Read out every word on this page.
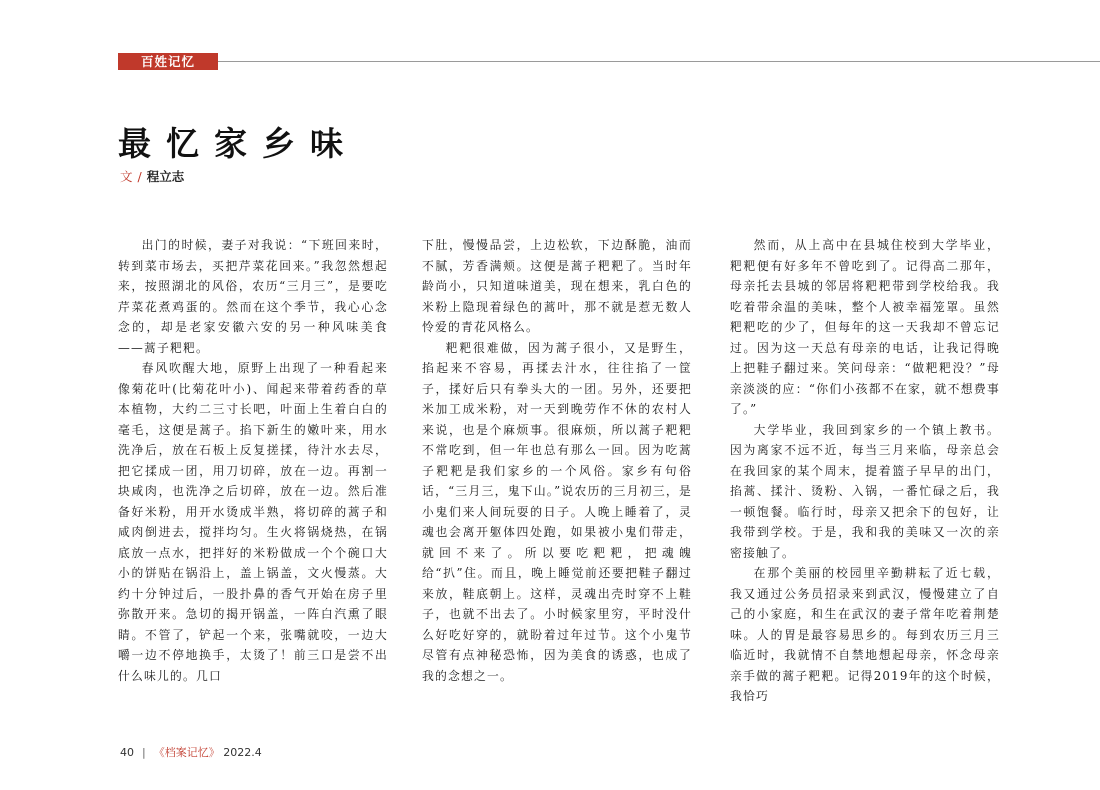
百姓记忆
最忆家乡味
文 / 程立志

出门的时候，妻子对我说：“下班回来时，转到菜市场去，买把芹菜花回来。”我忽然想起来，按照湖北的风俗，农历“三月三”，是要吃芹菜花煮鸡蛋的。然而在这个季节，我心心念念的，却是老家安徽六安的另一种风味美食——蒿子粑粑。

春风吹醒大地，原野上出现了一种看起来像菊花叶(比菊花叶小)、闻起来带着药香的草本植物，大约二三寸长吧，叶面上生着白白的毫毛，这便是蒿子。掐下新生的嫩叶来，用水洗净后，放在石板上反复搓揉，待汁水去尽，把它揉成一团，用刀切碎，放在一边。再割一块咸肉，也洗净之后切碎，放在一边。然后准备好米粉，用开水烫成半熟，将切碎的蒿子和咸肉倒进去，搅拌均匀。生火将锅烧热，在锅底放一点水，把拌好的米粉做成一个个碗口大小的饼贴在锅沿上，盖上锅盖，文火慢蒸。大约十分钟过后，一股扑鼻的香气开始在房子里弥散开来。急切的揭开锅盖，一阵白汽熏了眼睛。不管了，铲起一个来，张嘴就咬，一边大嚼一边不停地换手，太烫了！前三口是尝不出什么味儿的。几口

下肚，慢慢品尝，上边松软，下边酥脆，油而不腻，芳香满颊。这便是蒿子粑粑了。当时年龄尚小，只知道味道美，现在想来，乳白色的米粉上隐现着绿色的蒿叶，那不就是惹无数人怜爱的青花风格么。

粑粑很难做，因为蒿子很小，又是野生，掐起来不容易，再揉去汁水，往往掐了一筐子，揉好后只有拳头大的一团。另外，还要把米加工成米粉，对一天到晚劳作不休的农村人来说，也是个麻烦事。很麻烦，所以蒿子粑粑不常吃到，但一年也总有那么一回。因为吃蒿子粑粑是我们家乡的一个风俗。家乡有句俗话，“三月三，鬼下山。”说农历的三月初三，是小鬼们来人间玩耍的日子。人晚上睡着了，灵魂也会离开躯体四处跑，如果被小鬼们带走，就回不来了。所以要吃粑粑，把魂魄给“扒”住。而且，晚上睡觉前还要把鞋子翻过来放，鞋底朝上。这样，灵魂出壳时穿不上鞋子，也就不出去了。小时候家里穷，平时没什么好吃好穿的，就盼着过年过节。这个小鬼节尽管有点神秘恐怖，因为美食的诱惑，也成了我的念想之一。

然而，从上高中在县城住校到大学毕业，粑粑便有好多年不曾吃到了。记得高二那年，母亲托去县城的邻居将粑粑带到学校给我。我吃着带余温的美味，整个人被幸福笼罩。虽然粑粑吃的少了，但每年的这一天我却不曾忘记过。因为这一天总有母亲的电话，让我记得晚上把鞋子翻过来。笑问母亲：“做粑粑没？”母亲淡淡的应：“你们小孩都不在家，就不想费事了。”

大学毕业，我回到家乡的一个镇上教书。因为离家不远不近，每当三月来临，母亲总会在我回家的某个周末，提着篮子早早的出门，掐蒿、揉汁、烫粉、入锅，一番忙碌之后，我一顿饱餐。临行时，母亲又把余下的包好，让我带到学校。于是，我和我的美味又一次的亲密接触了。

在那个美丽的校园里辛勤耕耘了近七载，我又通过公务员招录来到武汉，慢慢建立了自己的小家庭，和生在武汉的妻子常年吃着荆楚味。人的胃是最容易思乡的。每到农历三月三临近时，我就情不自禁地想起母亲，怀念母亲亲手做的蒿子粑粑。记得2019年的这个时候，我恰巧

40 | 《档案记忆》 2022.4
